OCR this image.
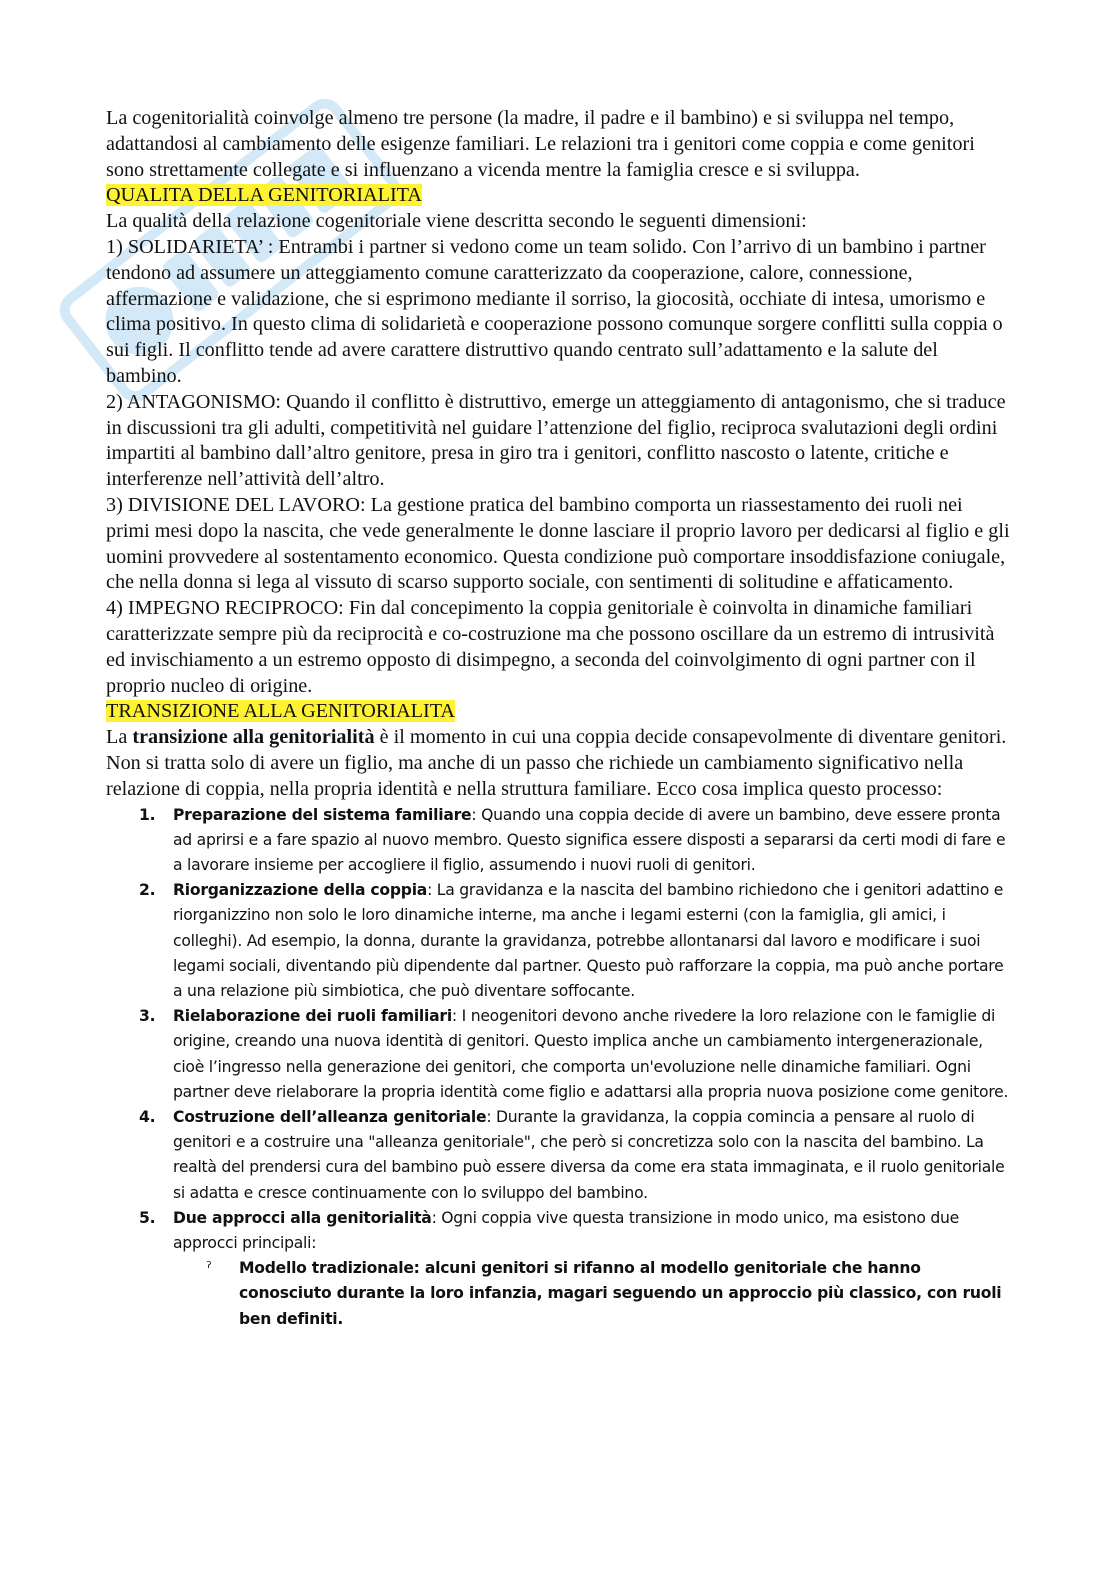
La cogenitorialità coinvolge almeno tre persone (la madre, il padre e il bambino) e si sviluppa nel tempo, adattandosi al cambiamento delle esigenze familiari. Le relazioni tra i genitori come coppia e come genitori sono strettamente collegate e si influenzano a vicenda mentre la famiglia cresce e si sviluppa.

QUALITA DELLA GENITORIALITA

La qualità della relazione cogenitoriale viene descritta secondo le seguenti dimensioni:

1) SOLIDARIETA’ : Entrambi i partner si vedono come un team solido. Con l’arrivo di un bambino i partner tendono ad assumere un atteggiamento comune caratterizzato da cooperazione, calore, connessione, affermazione e validazione, che si esprimono mediante il sorriso, la giocosità, occhiate di intesa, umorismo e clima positivo. In questo clima di solidarietà e cooperazione possono comunque sorgere conflitti sulla coppia o sui figli. Il conflitto tende ad avere carattere distruttivo quando centrato sull’adattamento e la salute del bambino.

2) ANTAGONISMO: Quando il conflitto è distruttivo, emerge un atteggiamento di antagonismo, che si traduce in discussioni tra gli adulti, competitività nel guidare l’attenzione del figlio, reciproca svalutazioni degli ordini impartiti al bambino dall’altro genitore, presa in giro tra i genitori, conflitto nascosto o latente, critiche e interferenze nell’attività dell’altro.

3) DIVISIONE DEL LAVORO: La gestione pratica del bambino comporta un riassestamento dei ruoli nei primi mesi dopo la nascita, che vede generalmente le donne lasciare il proprio lavoro per dedicarsi al figlio e gli uomini provvedere al sostentamento economico. Questa condizione può comportare insoddisfazione coniugale, che nella donna si lega al vissuto di scarso supporto sociale, con sentimenti di solitudine e affaticamento.

4) IMPEGNO RECIPROCO: Fin dal concepimento la coppia genitoriale è coinvolta in dinamiche familiari caratterizzate sempre più da reciprocità e co-costruzione ma che possono oscillare da un estremo di intrusività ed invischiamento a un estremo opposto di disimpegno, a seconda del coinvolgimento di ogni partner con il proprio nucleo di origine.

TRANSIZIONE ALLA GENITORIALITA

La transizione alla genitorialità è il momento in cui una coppia decide consapevolmente di diventare genitori. Non si tratta solo di avere un figlio, ma anche di un passo che richiede un cambiamento significativo nella relazione di coppia, nella propria identità e nella struttura familiare. Ecco cosa implica questo processo:

1. Preparazione del sistema familiare: Quando una coppia decide di avere un bambino, deve essere pronta ad aprirsi e a fare spazio al nuovo membro. Questo significa essere disposti a separarsi da certi modi di fare e a lavorare insieme per accogliere il figlio, assumendo i nuovi ruoli di genitori.
2. Riorganizzazione della coppia: La gravidanza e la nascita del bambino richiedono che i genitori adattino e riorganizzino non solo le loro dinamiche interne, ma anche i legami esterni (con la famiglia, gli amici, i colleghi). Ad esempio, la donna, durante la gravidanza, potrebbe allontanarsi dal lavoro e modificare i suoi legami sociali, diventando più dipendente dal partner. Questo può rafforzare la coppia, ma può anche portare a una relazione più simbiotica, che può diventare soffocante.
3. Rielaborazione dei ruoli familiari: I neogenitori devono anche rivedere la loro relazione con le famiglie di origine, creando una nuova identità di genitori. Questo implica anche un cambiamento intergenerazionale, cioè l’ingresso nella generazione dei genitori, che comporta un'evoluzione nelle dinamiche familiari. Ogni partner deve rielaborare la propria identità come figlio e adattarsi alla propria nuova posizione come genitore.
4. Costruzione dell’alleanza genitoriale: Durante la gravidanza, la coppia comincia a pensare al ruolo di genitori e a costruire una "alleanza genitoriale", che però si concretizza solo con la nascita del bambino. La realtà del prendersi cura del bambino può essere diversa da come era stata immaginata, e il ruolo genitoriale si adatta e cresce continuamente con lo sviluppo del bambino.
5. Due approcci alla genitorialità: Ogni coppia vive questa transizione in modo unico, ma esistono due approcci principali:

ˀ Modello tradizionale: alcuni genitori si rifanno al modello genitoriale che hanno conosciuto durante la loro infanzia, magari seguendo un approccio più classico, con ruoli ben definiti.
